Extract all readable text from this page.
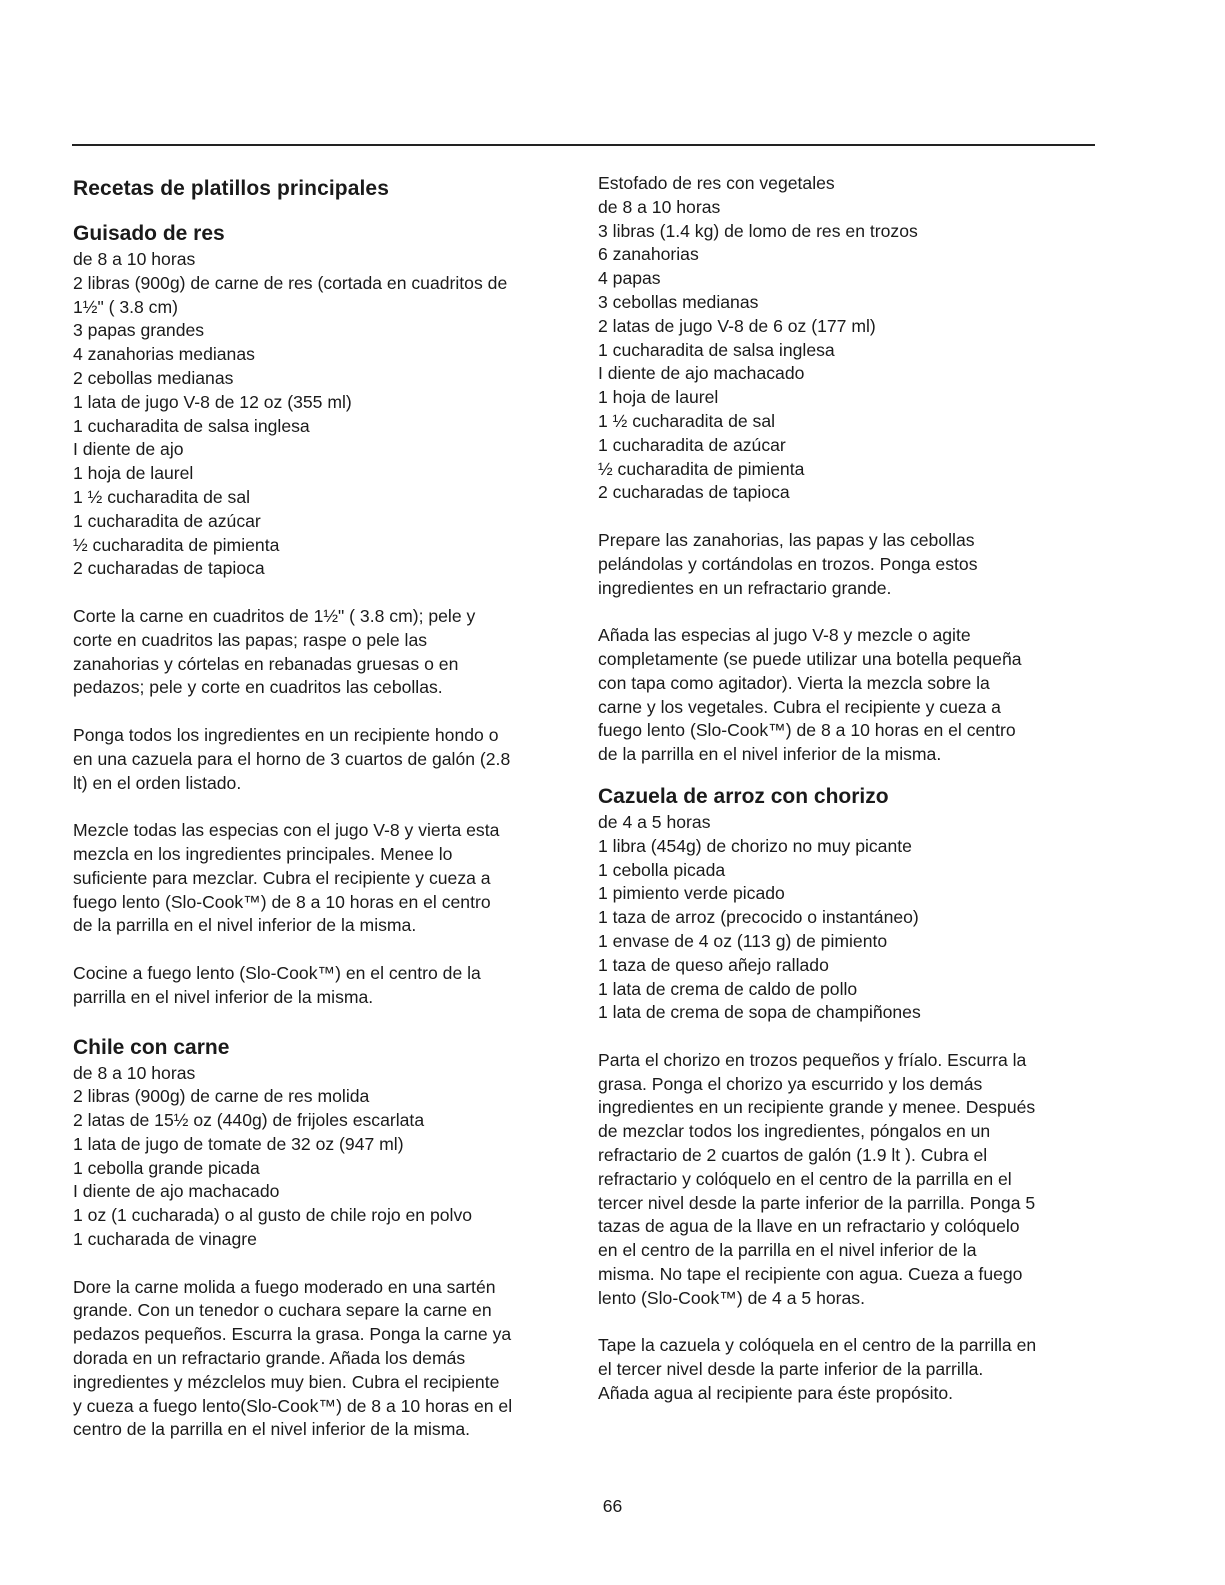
Recetas de platillos principales
Guisado de res
de 8 a 10 horas
2 libras (900g) de carne de res (cortada en cuadritos de
1½" ( 3.8 cm)
3 papas grandes
4 zanahorias medianas
2 cebollas medianas
1 lata de jugo V-8 de 12 oz (355 ml)
1 cucharadita de salsa inglesa
I diente de ajo
1 hoja de laurel
1 ½ cucharadita de sal
1 cucharadita de azúcar
½ cucharadita de pimienta
2 cucharadas de tapioca
Corte la carne en cuadritos de 1½" ( 3.8 cm); pele y
corte en cuadritos las papas; raspe o pele las
zanahorias y córtelas en rebanadas gruesas o en
pedazos; pele y corte en cuadritos las cebollas.
Ponga todos los ingredientes en un recipiente hondo o
en una cazuela para el horno de 3 cuartos de galón (2.8
lt) en el orden listado.
Mezcle todas las especias con el jugo V-8 y vierta esta
mezcla en los ingredientes principales. Menee lo
suficiente para mezclar. Cubra el recipiente y cueza a
fuego lento (Slo-Cook™) de 8 a 10 horas en el centro
de la parrilla en el nivel inferior de la misma.
Cocine a fuego lento (Slo-Cook™) en el centro de la
parrilla en el nivel inferior de la misma.
Chile con carne
de 8 a 10 horas
2 libras (900g) de carne de res molida
2 latas de 15½ oz (440g) de frijoles escarlata
1 lata de jugo de tomate de 32 oz (947 ml)
1 cebolla grande picada
I diente de ajo machacado
1 oz (1 cucharada) o al gusto de chile rojo en polvo
1 cucharada de vinagre
Dore la carne molida a fuego moderado en una sartén
grande. Con un tenedor o cuchara separe la carne en
pedazos pequeños. Escurra la grasa. Ponga la carne ya
dorada en un refractario grande. Añada los demás
ingredientes y mézclelos muy bien. Cubra el recipiente
y cueza a fuego lento(Slo-Cook™) de 8 a 10 horas en el
centro de la parrilla en el nivel inferior de la misma.
Estofado de res con vegetales
de 8 a 10 horas
3 libras (1.4 kg) de lomo de res en trozos
6 zanahorias
4 papas
3 cebollas medianas
2 latas de jugo V-8 de 6 oz (177 ml)
1 cucharadita de salsa inglesa
I diente de ajo machacado
1 hoja de laurel
1 ½ cucharadita de sal
1 cucharadita de azúcar
½ cucharadita de pimienta
2 cucharadas de tapioca
Prepare las zanahorias, las papas y las cebollas
pelándolas y cortándolas en trozos. Ponga estos
ingredientes en un refractario grande.
Añada las especias al jugo V-8 y mezcle o agite
completamente (se puede utilizar una botella pequeña
con tapa como agitador). Vierta la mezcla sobre la
carne y los vegetales. Cubra el recipiente y cueza a
fuego lento (Slo-Cook™) de 8 a 10 horas en el centro
de la parrilla en el nivel inferior de la misma.
Cazuela de arroz con chorizo
de 4 a 5 horas
1 libra (454g) de chorizo no muy picante
1 cebolla picada
1 pimiento verde picado
1 taza de arroz (precocido o instantáneo)
1 envase de 4 oz (113 g) de pimiento
1 taza de queso añejo rallado
1 lata de crema de caldo de pollo
1 lata de crema de sopa de champiñones
Parta el chorizo en trozos pequeños y fríalo. Escurra la
grasa. Ponga el chorizo ya escurrido y los demás
ingredientes en un recipiente grande y menee. Después
de mezclar todos los ingredientes, póngalos en un
refractario de 2 cuartos de galón (1.9 lt ). Cubra el
refractario y colóquelo en el centro de la parrilla en el
tercer nivel desde la parte inferior de la parrilla. Ponga 5
tazas de agua de la llave en un refractario y colóquelo
en el centro de la parrilla en el nivel inferior de la
misma. No tape el recipiente con agua. Cueza a fuego
lento (Slo-Cook™) de 4 a 5 horas.
Tape la cazuela y colóquela en el centro de la parrilla en
el tercer nivel desde la parte inferior de la parrilla.
Añada agua al recipiente para éste propósito.
66
